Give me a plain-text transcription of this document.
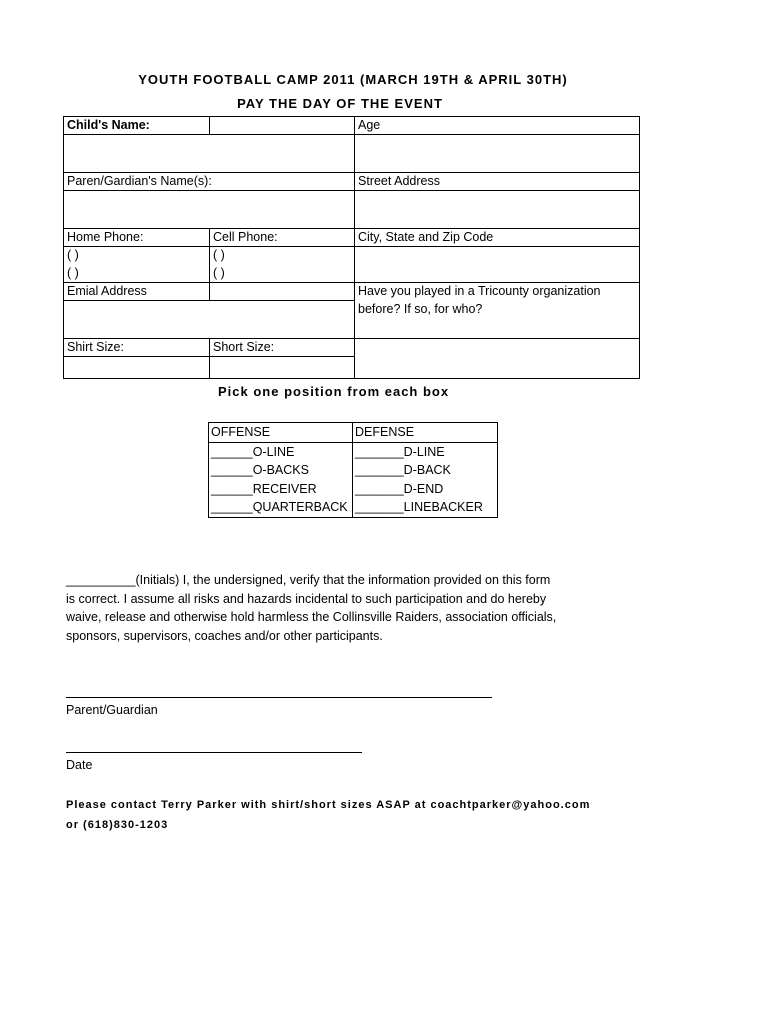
YOUTH FOOTBALL CAMP 2011 (MARCH 19TH & APRIL 30TH)
PAY THE DAY OF THE EVENT
Child's Name:		Age

Paren/Gardian's Name(s):		Street Address

Home Phone:	Cell Phone:	City, State and Zip Code
( )	( )	
( )	( )	
Emial Address		Have you played in a Tricounty organization
		before? If so, for who?
Shirt Size:	Short Size:	

Pick one position from each box
OFFENSE	DEFENSE
______O-LINE	_______D-LINE
______O-BACKS	_______D-BACK
______RECEIVER	_______D-END
______QUARTERBACK	_______LINEBACKER
__________(Initials) I, the undersigned, verify that the information provided on this form
is correct. I assume all risks and hazards incidental to such participation and do hereby
waive, release and otherwise hold harmless the Collinsville Raiders, association officials,
sponsors, supervisors, coaches and/or other participants.
Parent/Guardian
Date
Please contact Terry Parker with shirt/short sizes ASAP at coachtparker@yahoo.com
or (618)830-1203
